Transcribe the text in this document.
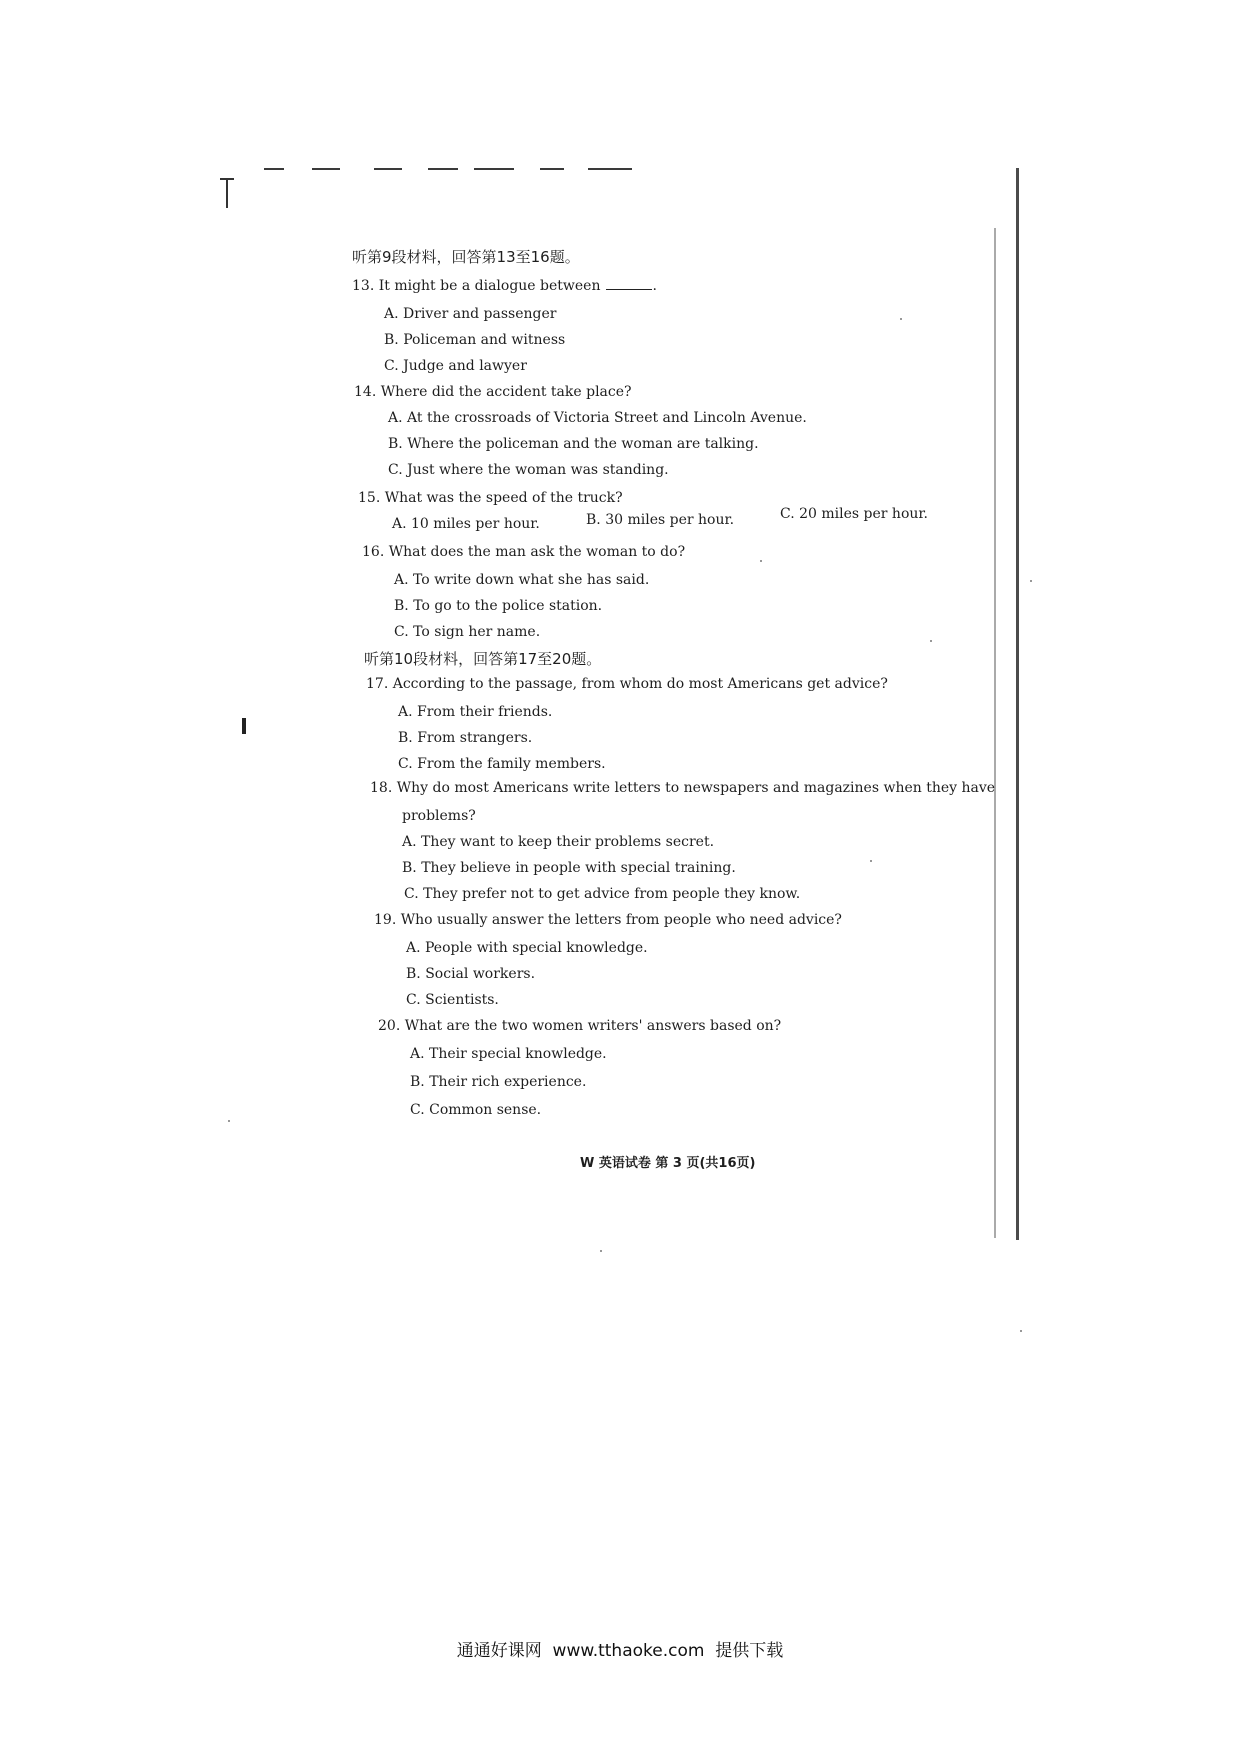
听第9段材料，回答第13至16题。
13. It might be a dialogue between	.
A. Driver and passenger
B. Policeman and witness
C. Judge and lawyer
14. Where did the accident take place?
A. At the crossroads of Victoria Street and Lincoln Avenue.
B. Where the policeman and the woman are talking.
C. Just where the woman was standing.
15. What was the speed of the truck?
A. 10 miles per hour.	B. 30 miles per hour.	C. 20 miles per hour.
16. What does the man ask the woman to do?
A. To write down what she has said.
B. To go to the police station.
C. To sign her name.
听第10段材料，回答第17至20题。
17. According to the passage, from whom do most Americans get advice?
A. From their friends.
B. From strangers.
C. From the family members.
18. Why do most Americans write letters to newspapers and magazines when they have
problems?
A. They want to keep their problems secret.
B. They believe in people with special training.
C. They prefer not to get advice from people they know.
19. Who usually answer the letters from people who need advice?
A. People with special knowledge.
B. Social workers.
C. Scientists.
20. What are the two women writers' answers based on?
A. Their special knowledge.
B. Their rich experience.
C. Common sense.
W 英语试卷 第 3 页(共16页)
通通好课网  www.tthaoke.com  提供下载
